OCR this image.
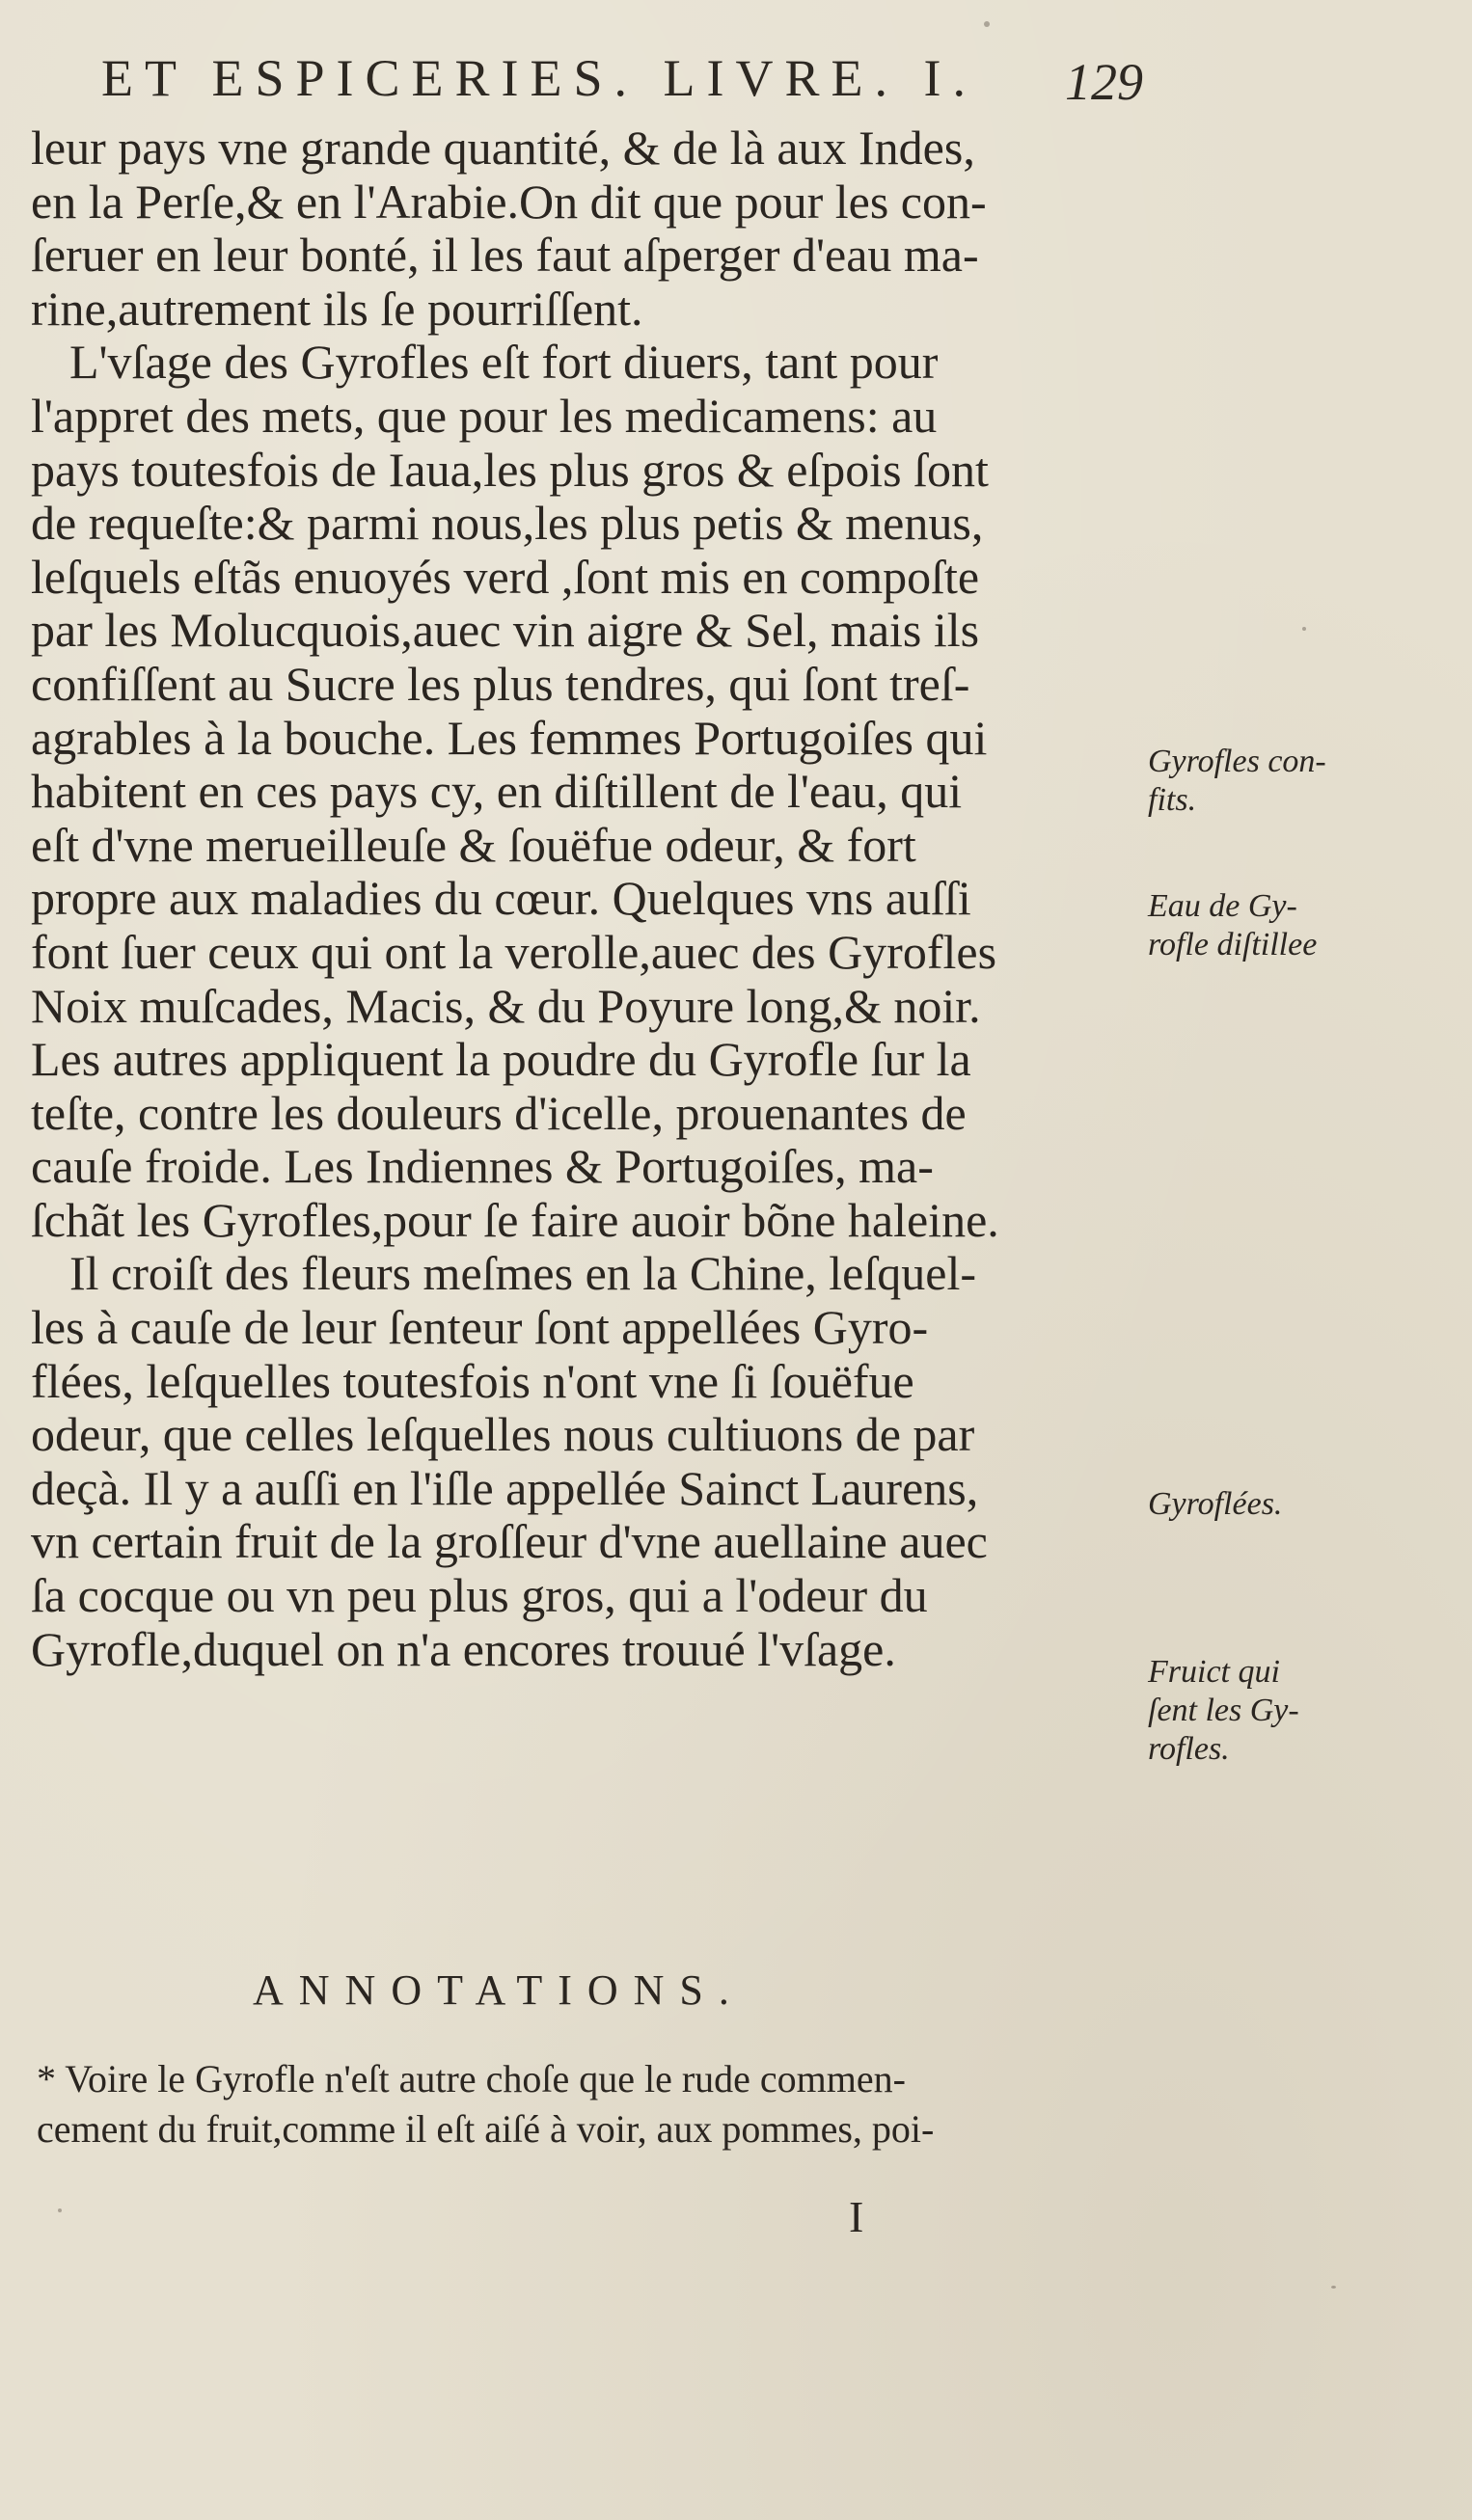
ET ESPICERIES. LIVRE. I. 129
leur pays vne grande quantité, & de là aux Indes,
en la Perſe,& en l'Arabie.On dit que pour les con-
ſeruer en leur bonté, il les faut aſperger d'eau ma-
rine,autrement ils ſe pourriſſent.
L'vſage des Gyrofles eſt fort diuers, tant pour
l'appret des mets, que pour les medicamens: au
pays toutesfois de Iaua,les plus gros & eſpois ſont
de requeſte:& parmi nous,les plus petis & menus,
leſquels eſtãs enuoyés verd ,ſont mis en compoſte
par les Molucquois,auec vin aigre & Sel, mais ils
confiſſent au Sucre les plus tendres, qui ſont treſ-
agrables à la bouche. Les femmes Portugoiſes qui
habitent en ces pays cy, en diſtillent de l'eau, qui
eſt d'vne merueilleuſe & ſouëfue odeur, & fort
propre aux maladies du cœur. Quelques vns auſſi
font ſuer ceux qui ont la verolle,auec des Gyrofles
Noix muſcades, Macis, & du Poyure long,& noir.
Les autres appliquent la poudre du Gyrofle ſur la
teſte, contre les douleurs d'icelle, prouenantes de
cauſe froide. Les Indiennes & Portugoiſes, ma-
ſchãt les Gyrofles,pour ſe faire auoir bõne haleine.
Il croiſt des fleurs meſmes en la Chine, leſquel-
les à cauſe de leur ſenteur ſont appellées Gyro-
flées, leſquelles toutesfois n'ont vne ſi ſouëfue
odeur, que celles leſquelles nous cultiuons de par
deçà. Il y a auſſi en l'iſle appellée Sainct Laurens,
vn certain fruit de la groſſeur d'vne auellaine auec
ſa cocque ou vn peu plus gros, qui a l'odeur du
Gyrofle,duquel on n'a encores trouué l'vſage.
Gyrofles con-
fits.
Eau de Gy-
rofle diſtillee
Gyroflées.
Fruict qui
ſent les Gy-
rofles.
ANNOTATIONS.
* Voire le Gyrofle n'eſt autre choſe que le rude commen-
cement du fruit,comme il eſt aiſé à voir, aux pommes, poi-
I
